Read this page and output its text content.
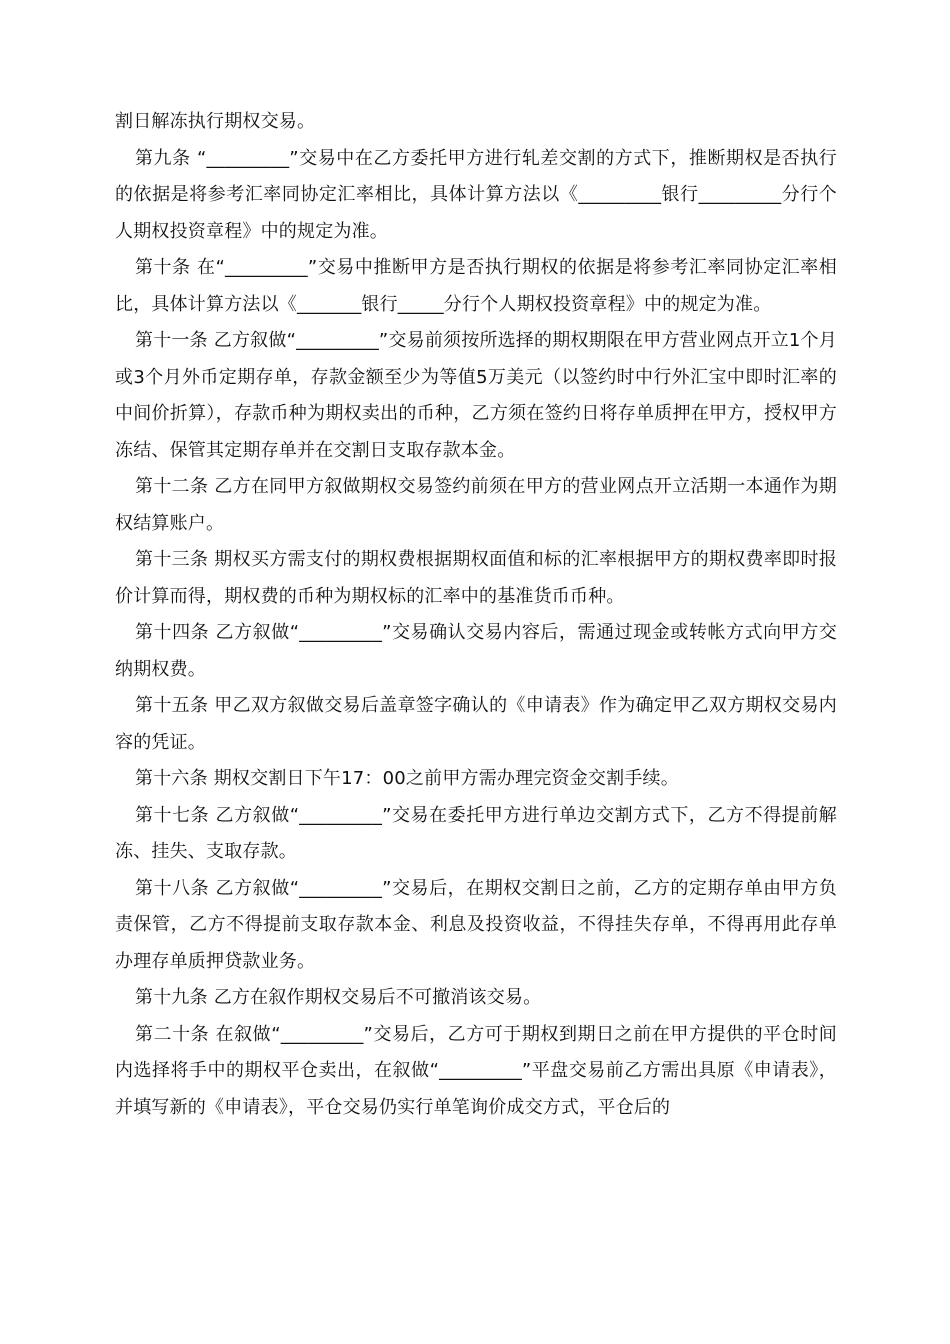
割日解冻执行期权交易。

第九条 “_________”交易中在乙方委托甲方进行轧差交割的方式下，推断期权是否执行的依据是将参考汇率同协定汇率相比，具体计算方法以《_________银行_________分行个人期权投资章程》中的规定为准。

第十条 在“_________”交易中推断甲方是否执行期权的依据是将参考汇率同协定汇率相比，具体计算方法以《_______银行_____分行个人期权投资章程》中的规定为准。

第十一条 乙方叙做“_________”交易前须按所选择的期权期限在甲方营业网点开立1个月或3个月外币定期存单，存款金额至少为等值5万美元（以签约时中行外汇宝中即时汇率的中间价折算），存款币种为期权卖出的币种，乙方须在签约日将存单质押在甲方，授权甲方冻结、保管其定期存单并在交割日支取存款本金。

第十二条 乙方在同甲方叙做期权交易签约前须在甲方的营业网点开立活期一本通作为期权结算账户。

第十三条 期权买方需支付的期权费根据期权面值和标的汇率根据甲方的期权费率即时报价计算而得，期权费的币种为期权标的汇率中的基准货币币种。

第十四条 乙方叙做“_________”交易确认交易内容后，需通过现金或转帐方式向甲方交纳期权费。

第十五条 甲乙双方叙做交易后盖章签字确认的《申请表》作为确定甲乙双方期权交易内容的凭证。

第十六条 期权交割日下午17：00之前甲方需办理完资金交割手续。

第十七条 乙方叙做“_________”交易在委托甲方进行单边交割方式下，乙方不得提前解冻、挂失、支取存款。

第十八条 乙方叙做“_________”交易后，在期权交割日之前，乙方的定期存单由甲方负责保管，乙方不得提前支取存款本金、利息及投资收益，不得挂失存单，不得再用此存单办理存单质押贷款业务。

第十九条 乙方在叙作期权交易后不可撤消该交易。

第二十条 在叙做“_________”交易后，乙方可于期权到期日之前在甲方提供的平仓时间内选择将手中的期权平仓卖出，在叙做“_________”平盘交易前乙方需出具原《申请表》，并填写新的《申请表》，平仓交易仍实行单笔询价成交方式，平仓后的
